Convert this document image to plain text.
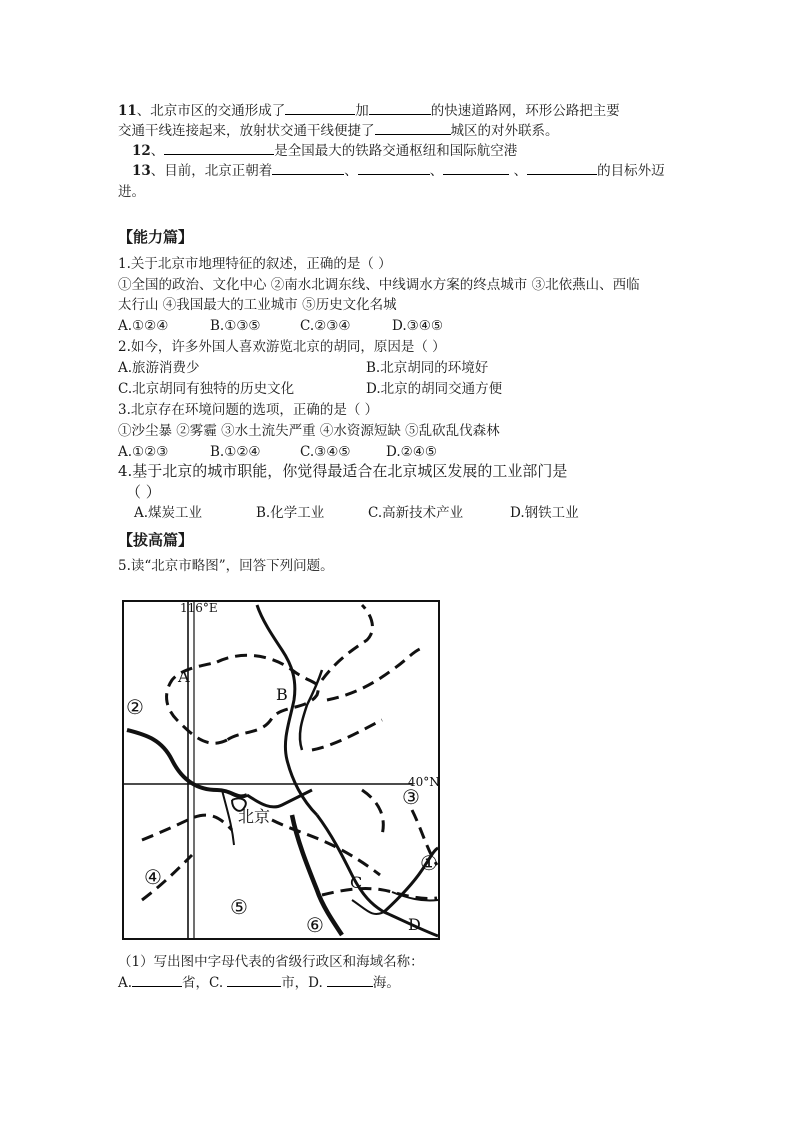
11、北京市区的交通形成了	加	的快速道路网，环形公路把主要
交通干线连接起来，放射状交通干线便捷了	城区的对外联系。
12、	是全国最大的铁路交通枢纽和国际航空港
13、目前，北京正朝着	、	、	、	的目标外迈
进。
【能力篇】
1.关于北京市地理特征的叙述，正确的是（ ）
①全国的政治、文化中心 ②南水北调东线、中线调水方案的终点城市 ③北依燕山、西临
太行山 ④我国最大的工业城市 ⑤历史文化名城
A.①②④	B.①③⑤	C.②③④	D.③④⑤
2.如今，许多外国人喜欢游览北京的胡同，原因是（ ）
A.旅游消费少	B.北京胡同的环境好
C.北京胡同有独特的历史文化	D.北京的胡同交通方便
3.北京存在环境问题的选项，正确的是（ ）
①沙尘暴 ②雾霾 ③水土流失严重 ④水资源短缺 ⑤乱砍乱伐森林
A.①②③	B.①②④	C.③④⑤	D.②④⑤
4.基于北京的城市职能，你觉得最适合在北京城区发展的工业部门是
（ ）
A.煤炭工业	B.化学工业	C.高新技术产业	D.钢铁工业
【拔高篇】
5.读“北京市略图”，回答下列问题。
116°E
40°N
北京
A
B
C
D
②
③
①
④
⑤
⑥
（1）写出图中字母代表的省级行政区和海域名称：
A.	省，C.	市，D.	海。
